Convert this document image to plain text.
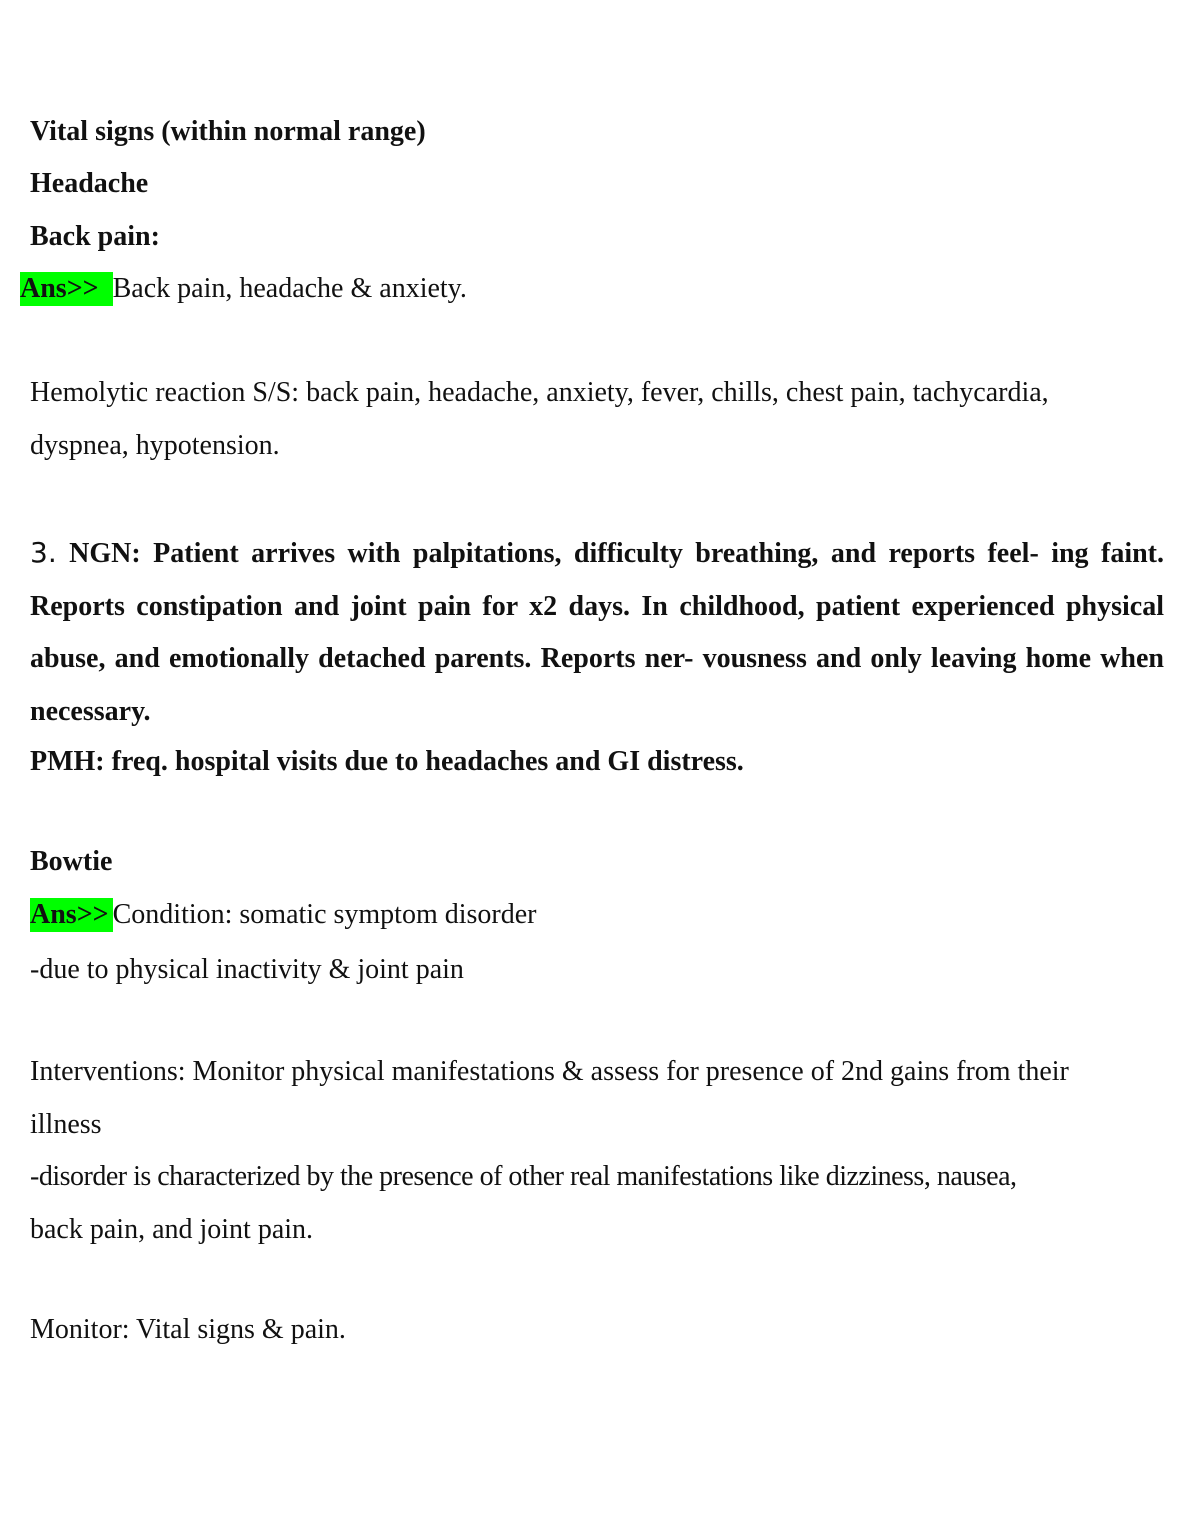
Vital signs (within normal range)
Headache
Back pain:
Ans>> Back pain, headache & anxiety.
Hemolytic reaction S/S: back pain, headache, anxiety, fever, chills, chest pain, tachycardia,
dyspnea, hypotension.
3. NGN: Patient arrives with palpitations, difficulty breathing, and reports feel- ing faint. Reports constipation and joint pain for x2 days. In childhood, patient experienced physical abuse, and emotionally detached parents. Reports ner- vousness and only leaving home when necessary.
PMH: freq. hospital visits due to headaches and GI distress.
Bowtie
Ans>> Condition: somatic symptom disorder
-due to physical inactivity & joint pain
Interventions: Monitor physical manifestations & assess for presence of 2nd gains from their
illness
-disorder is characterized by the presence of other real manifestations like dizziness, nausea,
back pain, and joint pain.
Monitor: Vital signs & pain.
